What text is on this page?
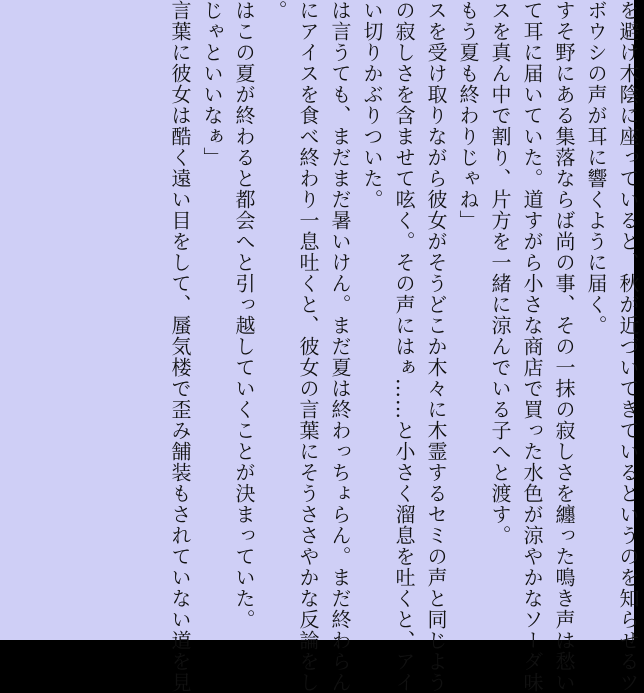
を避け木陰に座っていると、秋が近づいてきているというのを知らせるツ
ボウシの声が耳に響くように届く。
すそ野にある集落ならば尚の事、その一抹の寂しさを纏った鳴き声は愁い
て耳に届いていた。道すがら小さな商店で買った水色が涼やかなソーダ味
スを真ん中で割り、片方を一緒に涼んでいる子へと渡す。
もう夏も終わりじゃね」
スを受け取りながら彼女がそうどこか木々に木霊するセミの声と同じよう
の寂しさを含ませて呟く。その声にはぁ……と小さく溜息を吐くと、アイ
い切りかぶりついた。
は言うても、まだまだ暑いけん。まだ夏は終わっちょらん。まだ終わらん
にアイスを食べ終わり一息吐くと、彼女の言葉にそうささやかな反論をし
。
はこの夏が終わると都会へと引っ越していくことが決まっていた。
じゃといいなぁ」
言葉に彼女は酷く遠い目をして、蜃気楼で歪み舗装もされていない道を見
